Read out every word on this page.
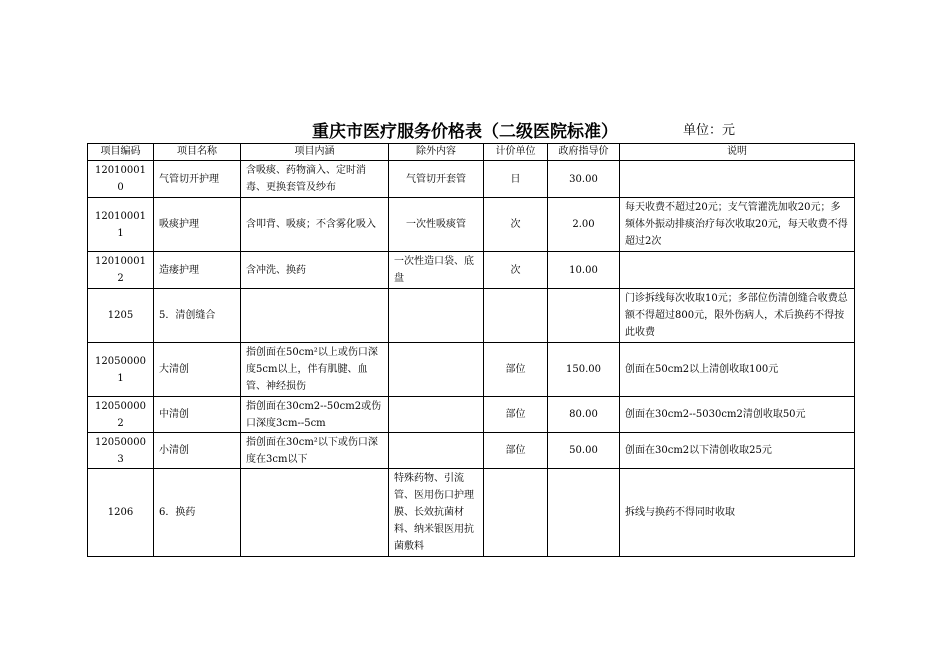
重庆市医疗服务价格表（二级医院标准）	单位：元
项目编码	项目名称	项目内涵	除外内容	计价单位	政府指导价	说明
120100010	气管切开护理	含吸痰、药物滴入、定时消毒、更换套管及纱布	气管切开套管	日	30.00	
120100011	吸痰护理	含叩背、吸痰；不含雾化吸入	一次性吸痰管	次	2.00	每天收费不超过20元；支气管灌洗加收20元；多频体外振动排痰治疗每次收取20元，每天收费不得超过2次
120100012	造瘘护理	含冲洗、换药	一次性造口袋、底盘	次	10.00	
1205	5．清创缝合					门诊拆线每次收取10元；多部位伤清创缝合收费总额不得超过800元，限外伤病人，术后换药不得按此收费
120500001	大清创	指创面在50cm²以上或伤口深度5cm以上，伴有肌腱、血管、神经损伤		部位	150.00	创面在50cm2以上清创收取100元
120500002	中清创	指创面在30cm2--50cm2或伤口深度3cm--5cm		部位	80.00	创面在30cm2--5030cm2清创收取50元
120500003	小清创	指创面在30cm²以下或伤口深度在3cm以下		部位	50.00	创面在30cm2以下清创收取25元
1206	6．换药		特殊药物、引流管、医用伤口护理膜、长效抗菌材料、纳米银医用抗菌敷料			拆线与换药不得同时收取
